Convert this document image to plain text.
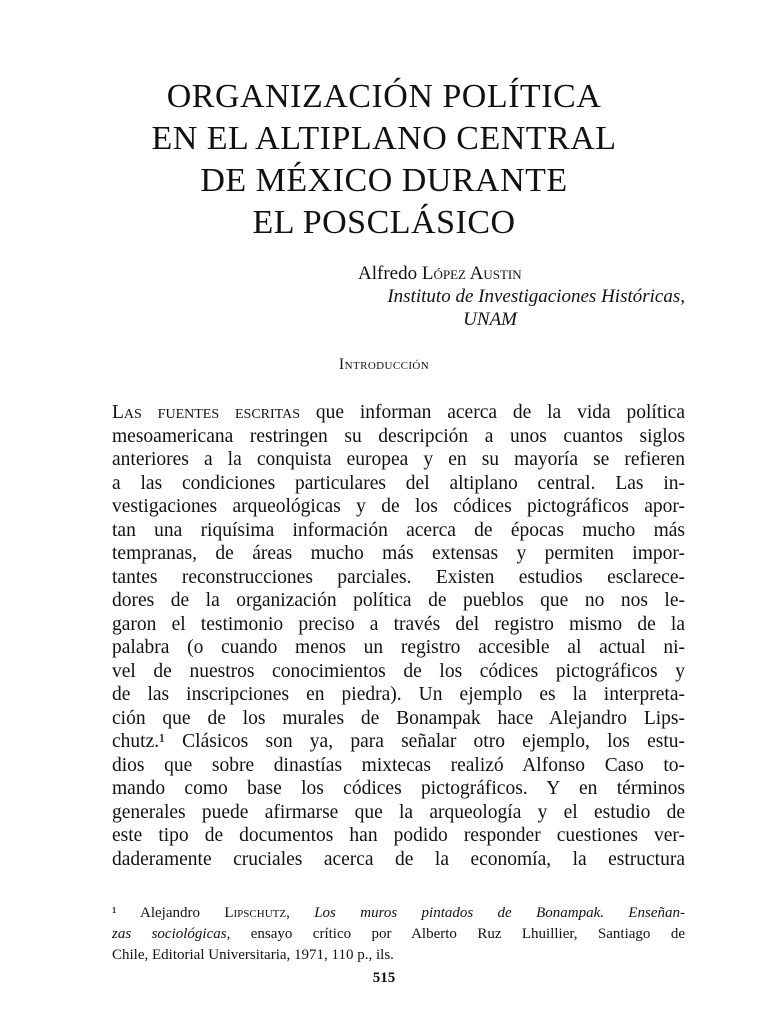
ORGANIZACIÓN POLÍTICA
EN EL ALTIPLANO CENTRAL
DE MÉXICO DURANTE
EL POSCLÁSICO
Alfredo López Austin
Instituto de Investigaciones Históricas,
UNAM
Introducción
Las fuentes escritas que informan acerca de la vida política
mesoamericana restringen su descripción a unos cuantos siglos
anteriores a la conquista europea y en su mayoría se refieren
a las condiciones particulares del altiplano central. Las in-
vestigaciones arqueológicas y de los códices pictográficos apor-
tan una riquísima información acerca de épocas mucho más
tempranas, de áreas mucho más extensas y permiten impor-
tantes reconstrucciones parciales. Existen estudios esclarece-
dores de la organización política de pueblos que no nos le-
garon el testimonio preciso a través del registro mismo de la
palabra (o cuando menos un registro accesible al actual ni-
vel de nuestros conocimientos de los códices pictográficos y
de las inscripciones en piedra). Un ejemplo es la interpreta-
ción que de los murales de Bonampak hace Alejandro Lips-
chutz.¹ Clásicos son ya, para señalar otro ejemplo, los estu-
dios que sobre dinastías mixtecas realizó Alfonso Caso to-
mando como base los códices pictográficos. Y en términos
generales puede afirmarse que la arqueología y el estudio de
este tipo de documentos han podido responder cuestiones ver-
daderamente cruciales acerca de la economía, la estructura
¹ Alejandro Lipschutz, Los muros pintados de Bonampak. Enseñan-
zas sociológicas, ensayo crítico por Alberto Ruz Lhuillier, Santiago de
Chile, Editorial Universitaria, 1971, 110 p., ils.
515
